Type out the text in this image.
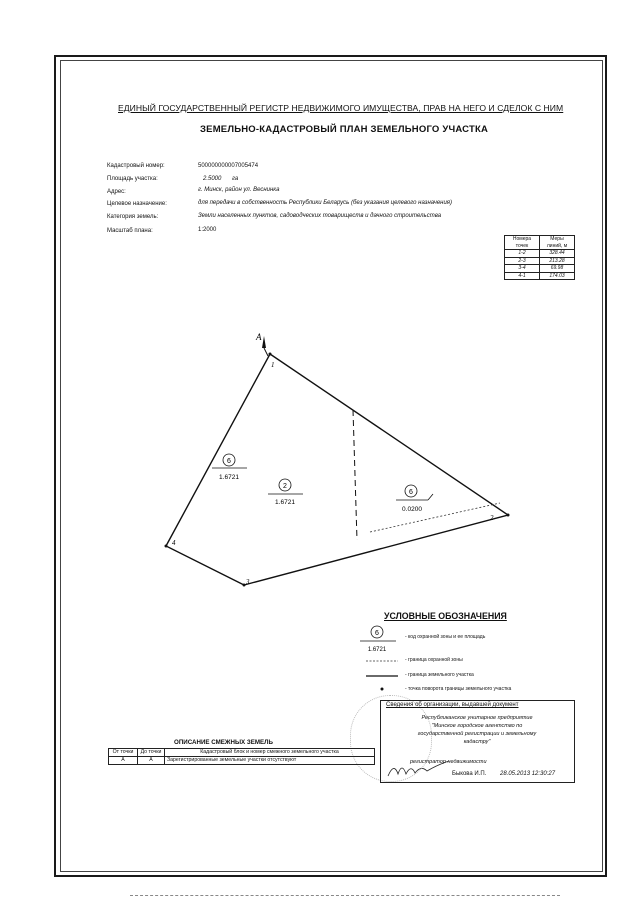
ЕДИНЫЙ ГОСУДАРСТВЕННЫЙ РЕГИСТР НЕДВИЖИМОГО ИМУЩЕСТВА, ПРАВ НА НЕГО И СДЕЛОК С НИМ
ЗЕМЕЛЬНО-КАДАСТРОВЫЙ ПЛАН ЗЕМЕЛЬНОГО УЧАСТКА
Кадастровый номер:	500000000007005474
Площадь участка:	2.5000 га
Адрес:	г. Минск, район ул. Веснинка
Целевое назначение:	для передачи в собственность Республики Беларусь (без указания целевого назначения)
Категория земель:	Земли населенных пунктов, садоводческих товариществ и дачного строительства
Масштаб плана:	1:2000
Номера точек	Меры линий, м
1-2	328.44
2-3	213.28
3-4	69.98
4-1	174.03
А
1
2
3
4
6
1.6721
2
1.6721
6
0.0200
6
1.6721
УСЛОВНЫЕ ОБОЗНАЧЕНИЯ
- код охранной зоны и ее площадь
- граница охранной зоны
- граница земельного участка
- точка поворота границы земельного участка
Сведения об организации, выдавшей документ
Республиканское унитарное предприятие
"Минское городское агентство по
государственной регистрации и земельному
кадастру"
регистратор недвижимости
Быкова И.П. 28.05.2013 12:30:27
ОПИСАНИЕ СМЕЖНЫХ ЗЕМЕЛЬ
От точки	До точки	Кадастровый блок и номер смежного земельного участка
А	А	Зарегистрированные земельные участки отсутствуют
